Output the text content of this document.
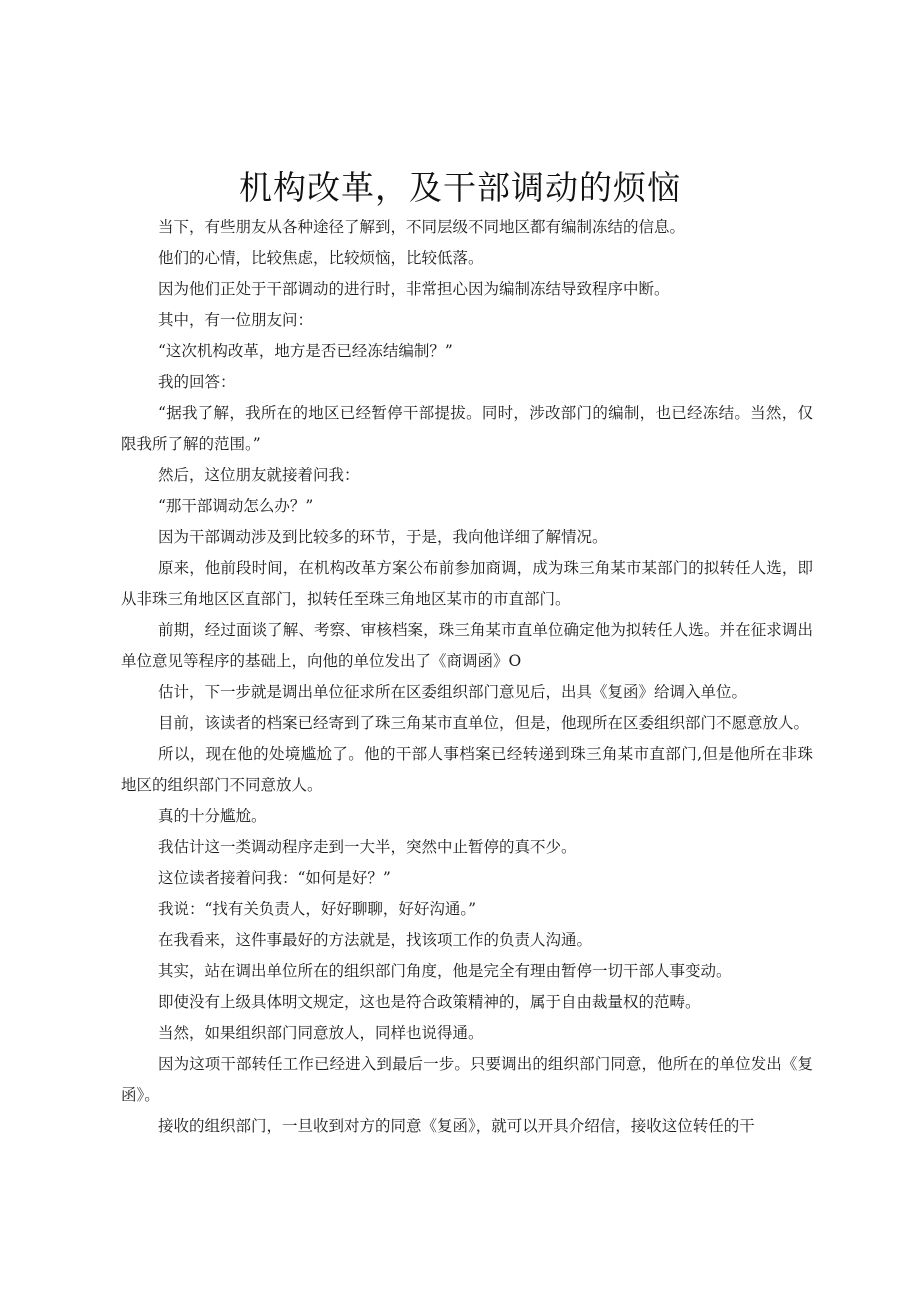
机构改革，及干部调动的烦恼

当下，有些朋友从各种途径了解到，不同层级不同地区都有编制冻结的信息。

他们的心情，比较焦虑，比较烦恼，比较低落。

因为他们正处于干部调动的进行时，非常担心因为编制冻结导致程序中断。

其中，有一位朋友问：

“这次机构改革，地方是否已经冻结编制？”

我的回答：

“据我了解，我所在的地区已经暂停干部提拔。同时，涉改部门的编制，也已经冻结。当然，仅限我所了解的范围。”

然后，这位朋友就接着问我：

“那干部调动怎么办？”

因为干部调动涉及到比较多的环节，于是，我向他详细了解情况。

原来，他前段时间，在机构改革方案公布前参加商调，成为珠三角某市某部门的拟转任人选，即从非珠三角地区区直部门，拟转任至珠三角地区某市的市直部门。

前期，经过面谈了解、考察、审核档案，珠三角某市直单位确定他为拟转任人选。并在征求调出单位意见等程序的基础上，向他的单位发出了《商调函》O

估计，下一步就是调出单位征求所在区委组织部门意见后，出具《复函》给调入单位。

目前，该读者的档案已经寄到了珠三角某市直单位，但是，他现所在区委组织部门不愿意放人。

所以，现在他的处境尴尬了。他的干部人事档案已经转递到珠三角某市直部门,但是他所在非珠地区的组织部门不同意放人。

真的十分尴尬。

我估计这一类调动程序走到一大半，突然中止暂停的真不少。

这位读者接着问我：“如何是好？”

我说：“找有关负责人，好好聊聊，好好沟通。”

在我看来，这件事最好的方法就是，找该项工作的负责人沟通。

其实，站在调出单位所在的组织部门角度，他是完全有理由暂停一切干部人事变动。

即使没有上级具体明文规定，这也是符合政策精神的，属于自由裁量权的范畴。

当然，如果组织部门同意放人，同样也说得通。

因为这项干部转任工作已经进入到最后一步。只要调出的组织部门同意，他所在的单位发出《复函》。

接收的组织部门，一旦收到对方的同意《复函》，就可以开具介绍信，接收这位转任的干
